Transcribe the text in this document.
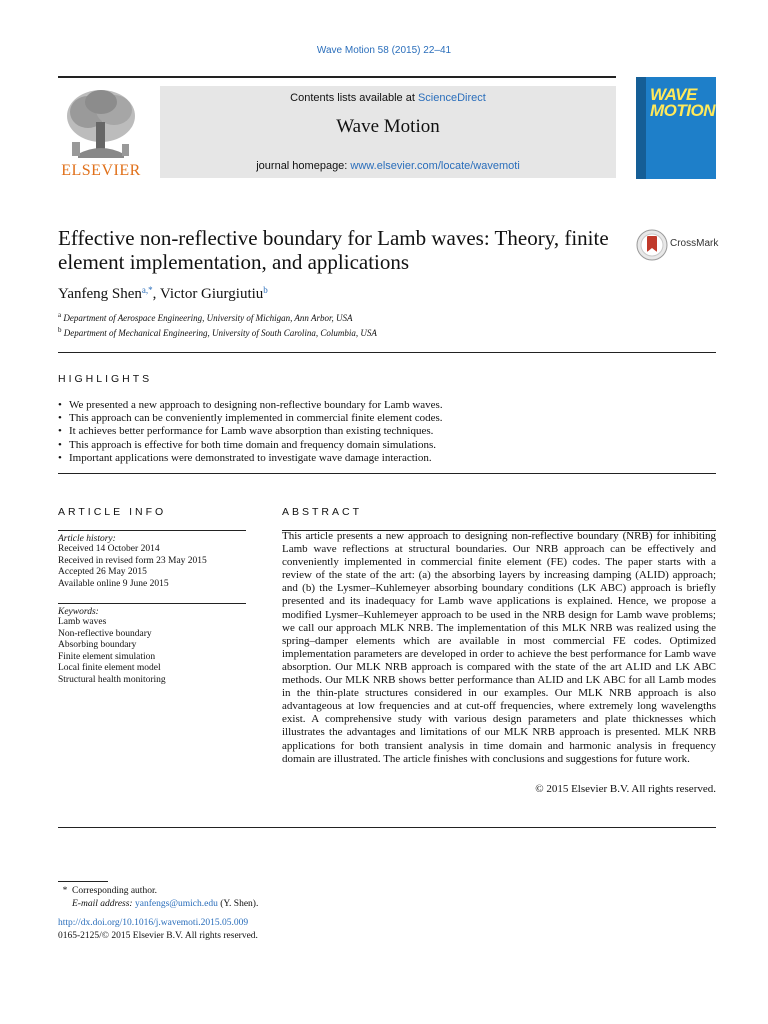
Wave Motion 58 (2015) 22–41
ELSEVIER
Contents lists available at ScienceDirect
Wave Motion
journal homepage: www.elsevier.com/locate/wavemoti
WAVE
MOTION
Effective non-reflective boundary for Lamb waves: Theory, finite element implementation, and applications
CrossMark
Yanfeng Shen$^{a,*}$, Victor Giurgiutiu$^b$
$^a$ Department of Aerospace Engineering, University of Michigan, Ann Arbor, USA
$^b$ Department of Mechanical Engineering, University of South Carolina, Columbia, USA
HIGHLIGHTS
• We presented a new approach to designing non-reflective boundary for Lamb waves.
• This approach can be conveniently implemented in commercial finite element codes.
• It achieves better performance for Lamb wave absorption than existing techniques.
• This approach is effective for both time domain and frequency domain simulations.
• Important applications were demonstrated to investigate wave damage interaction.
ARTICLE INFO	ABSTRACT
Article history:
Received 14 October 2014
Received in revised form 23 May 2015
Accepted 26 May 2015
Available online 9 June 2015
Keywords:
Lamb waves
Non-reflective boundary
Absorbing boundary
Finite element simulation
Local finite element model
Structural health monitoring
This article presents a new approach to designing non-reflective boundary (NRB) for inhibiting Lamb wave reflections at structural boundaries. Our NRB approach can be effectively and conveniently implemented in commercial finite element (FE) codes. The paper starts with a review of the state of the art: (a) the absorbing layers by increasing damping (ALID) approach; and (b) the Lysmer–Kuhlemeyer absorbing boundary conditions (LK ABC) approach is briefly presented and its inadequacy for Lamb wave applications is explained. Hence, we propose a modified Lysmer–Kuhlemeyer approach to be used in the NRB design for Lamb wave problems; we call our approach MLK NRB. The implementation of this MLK NRB was realized using the spring–damper elements which are available in most commercial FE codes. Optimized implementation parameters are developed in order to achieve the best performance for Lamb wave absorption. Our MLK NRB approach is compared with the state of the art ALID and LK ABC methods. Our MLK NRB shows better performance than ALID and LK ABC for all Lamb modes in the thin-plate structures considered in our examples. Our MLK NRB approach is also advantageous at low frequencies and at cut-off frequencies, where extremely long wavelengths exist. A comprehensive study with various design parameters and plate thicknesses which illustrates the advantages and limitations of our MLK NRB approach is presented. MLK NRB applications for both transient analysis in time domain and harmonic analysis in frequency domain are illustrated. The article finishes with conclusions and suggestions for future work.
© 2015 Elsevier B.V. All rights reserved.
* Corresponding author.
E-mail address: yanfengs@umich.edu (Y. Shen).
http://dx.doi.org/10.1016/j.wavemoti.2015.05.009
0165-2125/© 2015 Elsevier B.V. All rights reserved.
